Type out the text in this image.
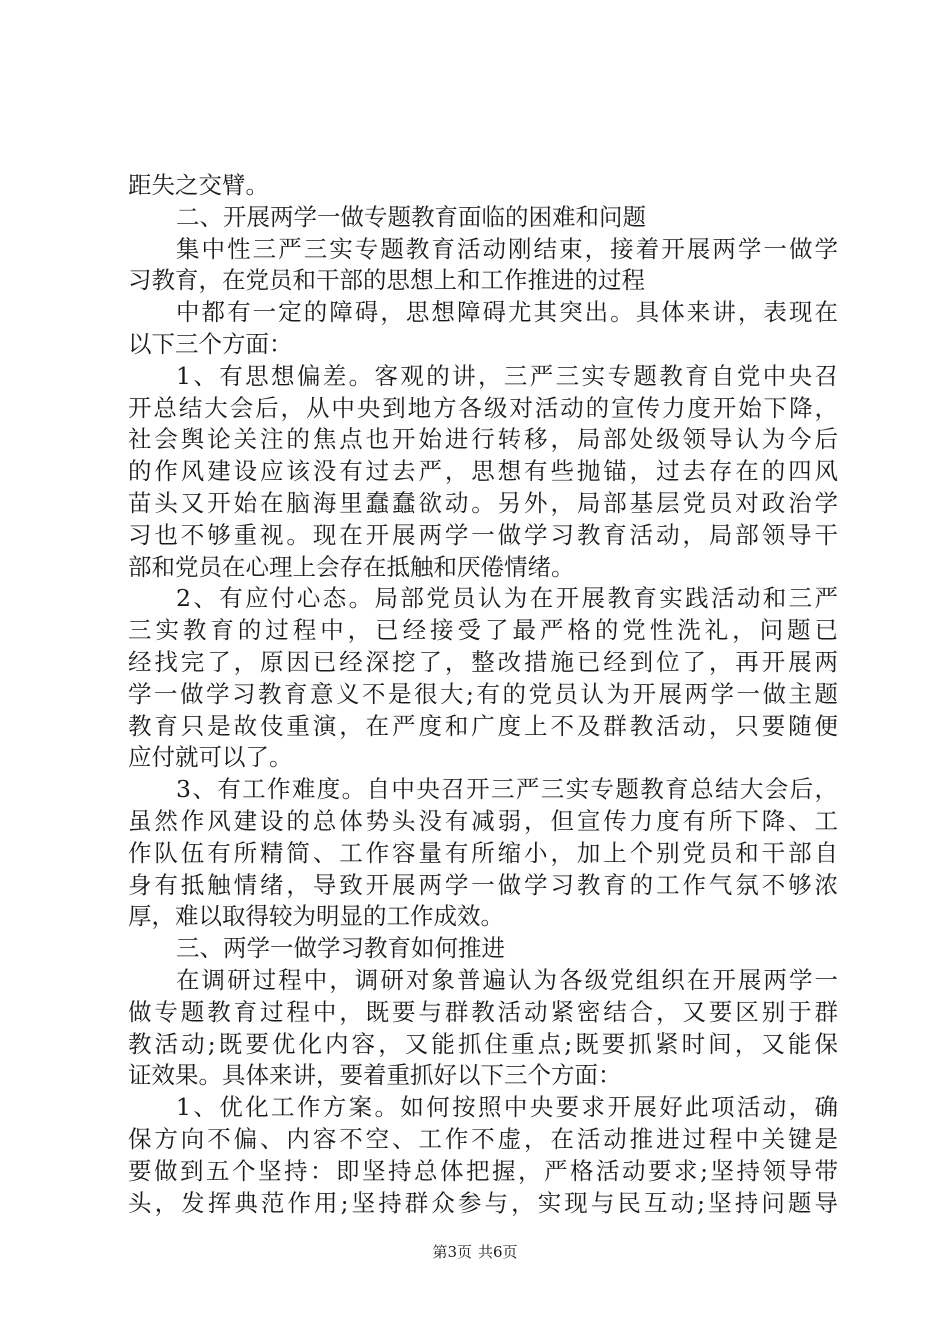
距失之交臂。
二、开展两学一做专题教育面临的困难和问题
集中性三严三实专题教育活动刚结束，接着开展两学一做学
习教育，在党员和干部的思想上和工作推进的过程
中都有一定的障碍，思想障碍尤其突出。具体来讲，表现在
以下三个方面：
1、有思想偏差。客观的讲，三严三实专题教育自党中央召
开总结大会后，从中央到地方各级对活动的宣传力度开始下降，
社会舆论关注的焦点也开始进行转移，局部处级领导认为今后
的作风建设应该没有过去严，思想有些抛锚，过去存在的四风
苗头又开始在脑海里蠢蠢欲动。另外，局部基层党员对政治学
习也不够重视。现在开展两学一做学习教育活动，局部领导干
部和党员在心理上会存在抵触和厌倦情绪。
2、有应付心态。局部党员认为在开展教育实践活动和三严
三实教育的过程中，已经接受了最严格的党性洗礼，问题已
经找完了，原因已经深挖了，整改措施已经到位了，再开展两
学一做学习教育意义不是很大;有的党员认为开展两学一做主题
教育只是故伎重演，在严度和广度上不及群教活动，只要随便
应付就可以了。
3、有工作难度。自中央召开三严三实专题教育总结大会后，
虽然作风建设的总体势头没有减弱，但宣传力度有所下降、工
作队伍有所精简、工作容量有所缩小，加上个别党员和干部自
身有抵触情绪，导致开展两学一做学习教育的工作气氛不够浓
厚，难以取得较为明显的工作成效。
三、两学一做学习教育如何推进
在调研过程中，调研对象普遍认为各级党组织在开展两学一
做专题教育过程中，既要与群教活动紧密结合，又要区别于群
教活动;既要优化内容，又能抓住重点;既要抓紧时间，又能保
证效果。具体来讲，要着重抓好以下三个方面：
1、优化工作方案。如何按照中央要求开展好此项活动，确
保方向不偏、内容不空、工作不虚，在活动推进过程中关键是
要做到五个坚持：即坚持总体把握，严格活动要求;坚持领导带
头，发挥典范作用;坚持群众参与，实现与民互动;坚持问题导
第3页 共6页
